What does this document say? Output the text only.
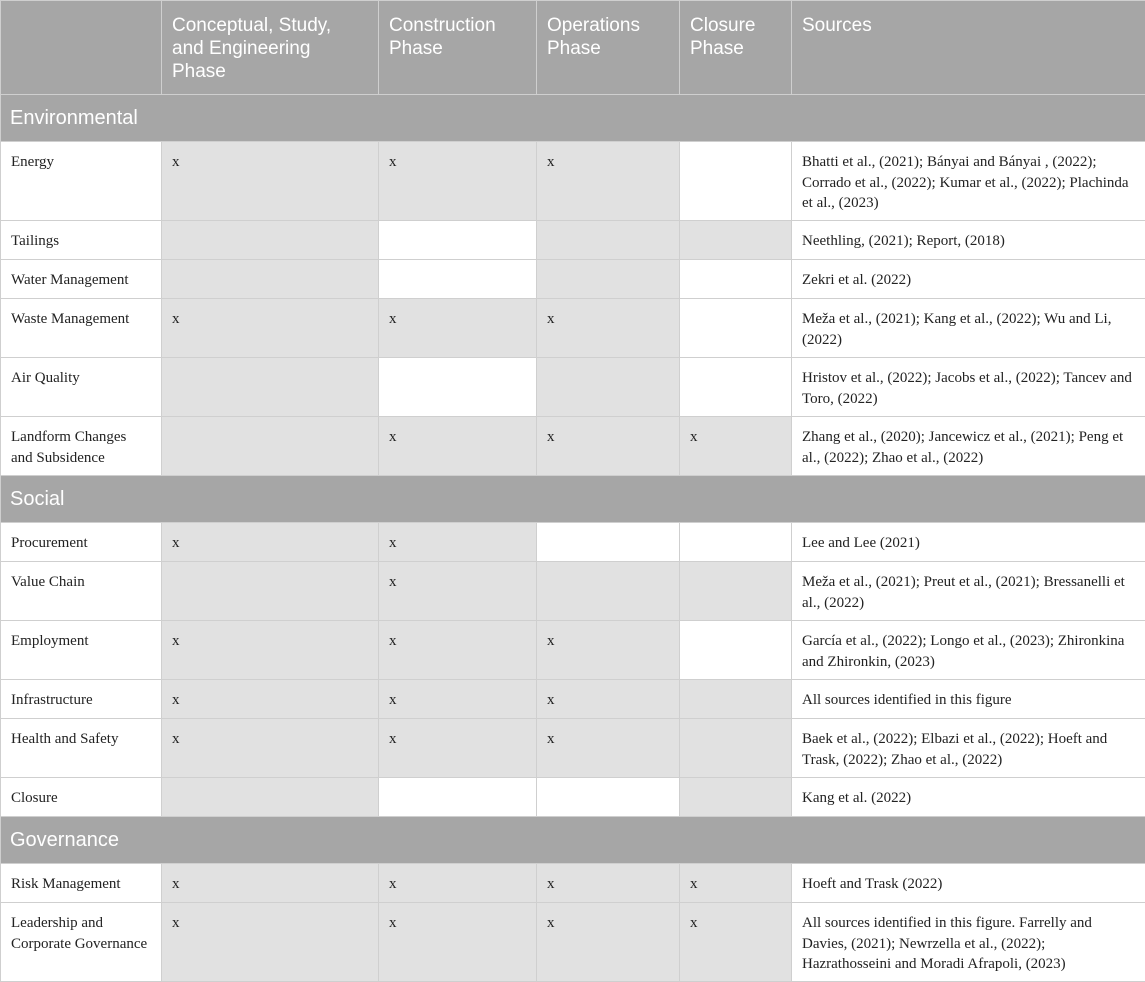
	Conceptual, Study, and Engineering Phase	Construction Phase	Operations Phase	Closure Phase	Sources
Environmental					
Energy	x	x	x		Bhatti et al., (2021); Bányai and Bányai , (2022); Corrado et al., (2022); Kumar et al., (2022); Plachinda et al., (2023)
Tailings					Neethling, (2021); Report, (2018)
Water Management					Zekri et al. (2022)
Waste Management	x	x	x		Meža et al., (2021); Kang et al., (2022); Wu and Li, (2022)
Air Quality					Hristov et al., (2022); Jacobs et al., (2022); Tancev and Toro, (2022)
Landform Changes and Subsidence		x	x	x	Zhang et al., (2020); Jancewicz et al., (2021); Peng et al., (2022); Zhao et al., (2022)
Social					
Procurement	x	x			Lee and Lee (2021)
Value Chain		x			Meža et al., (2021); Preut et al., (2021); Bressanelli et al., (2022)
Employment	x	x	x		García et al., (2022); Longo et al., (2023); Zhironkina and Zhironkin, (2023)
Infrastructure	x	x	x		All sources identified in this figure
Health and Safety	x	x	x		Baek et al., (2022); Elbazi et al., (2022); Hoeft and Trask, (2022); Zhao et al., (2022)
Closure					Kang et al. (2022)
Governance					
Risk Management	x	x	x	x	Hoeft and Trask (2022)
Leadership and Corporate Governance	x	x	x	x	All sources identified in this figure. Farrelly and Davies, (2021); Newrzella et al., (2022); Hazrathosseini and Moradi Afrapoli, (2023)
